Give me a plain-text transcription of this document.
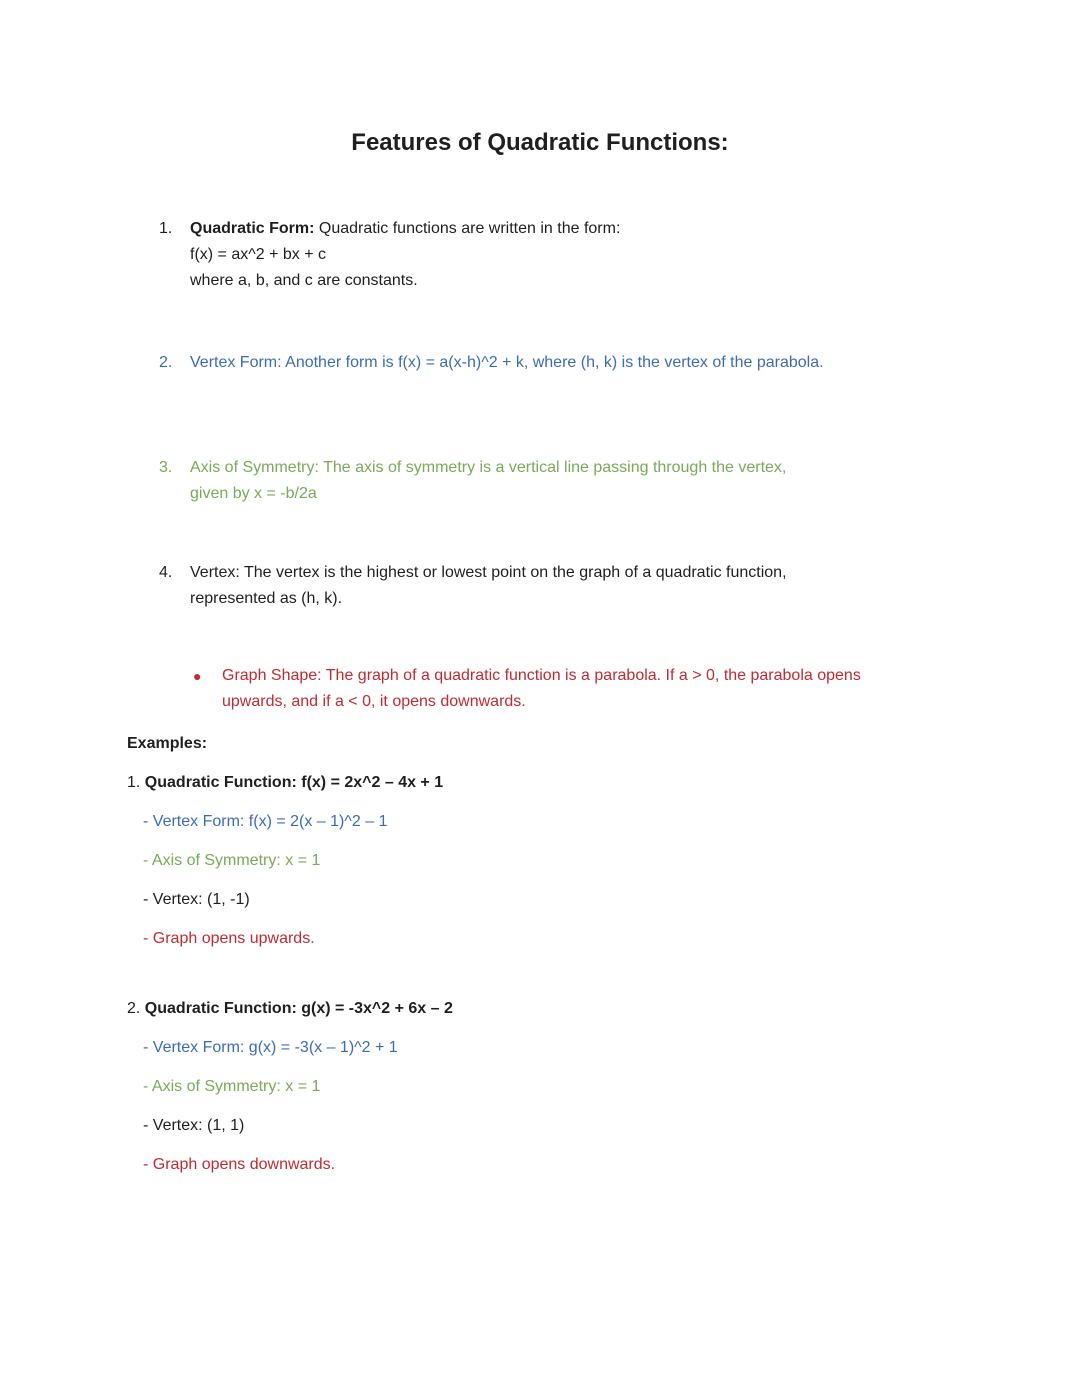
Features of Quadratic Functions:
1.	Quadratic Form: Quadratic functions are written in the form:
f(x) = ax^2 + bx + c
where a, b, and c are constants.
2.	Vertex Form: Another form is f(x) = a(x-h)^2 + k, where (h, k) is the vertex of the parabola.
3.	Axis of Symmetry: The axis of symmetry is a vertical line passing through the vertex,
given by x = -b/2a
4.	Vertex: The vertex is the highest or lowest point on the graph of a quadratic function,
represented as (h, k).
●	Graph Shape: The graph of a quadratic function is a parabola. If a > 0, the parabola opens
upwards, and if a < 0, it opens downwards.
Examples:
1. Quadratic Function: f(x) = 2x^2 – 4x + 1
- Vertex Form: f(x) = 2(x – 1)^2 – 1
- Axis of Symmetry: x = 1
- Vertex: (1, -1)
- Graph opens upwards.
2. Quadratic Function: g(x) = -3x^2 + 6x – 2
- Vertex Form: g(x) = -3(x – 1)^2 + 1
- Axis of Symmetry: x = 1
- Vertex: (1, 1)
- Graph opens downwards.
